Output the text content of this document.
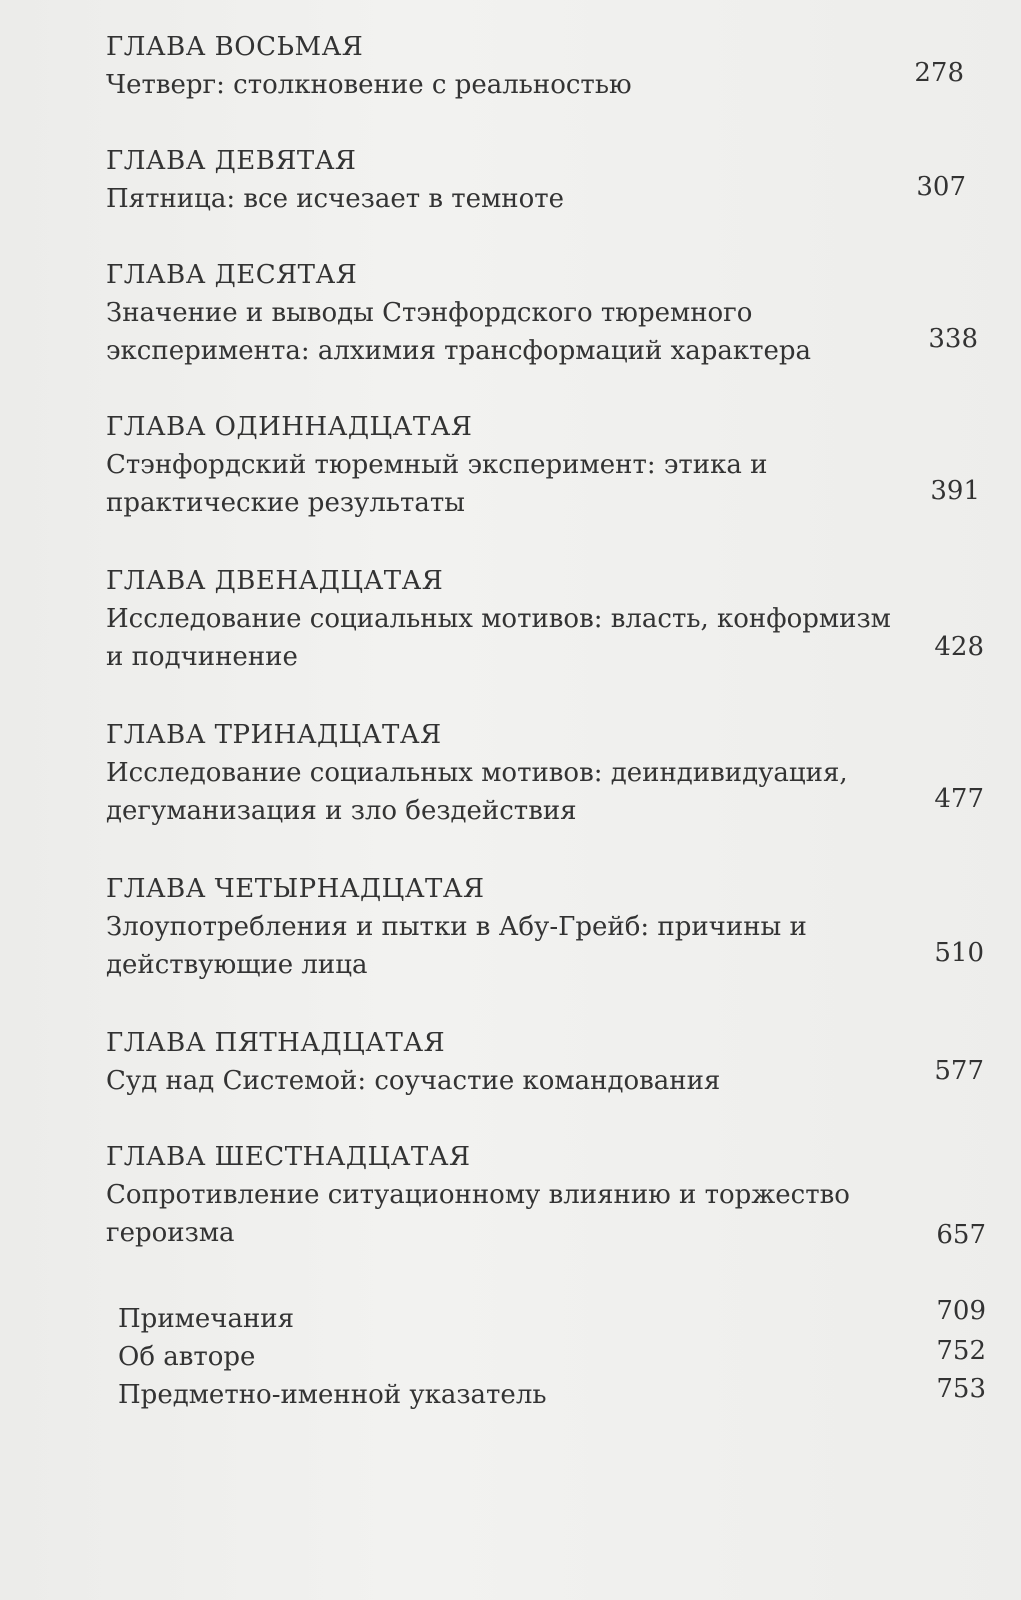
ГЛАВА ВОСЬМАЯ
Четверг: столкновение с реальностью	278
ГЛАВА ДЕВЯТАЯ
Пятница: все исчезает в темноте	307
ГЛАВА ДЕСЯТАЯ
Значение и выводы Стэнфордского тюремного эксперимента: алхимия трансформаций характера	338
ГЛАВА ОДИННАДЦАТАЯ
Стэнфордский тюремный эксперимент: этика и практические результаты	391
ГЛАВА ДВЕНАДЦАТАЯ
Исследование социальных мотивов: власть, конформизм и подчинение	428
ГЛАВА ТРИНАДЦАТАЯ
Исследование социальных мотивов: деиндивидуация, дегуманизация и зло бездействия	477
ГЛАВА ЧЕТЫРНАДЦАТАЯ
Злоупотребления и пытки в Абу-Грейб: причины и действующие лица	510
ГЛАВА ПЯТНАДЦАТАЯ
Суд над Системой: соучастие командования	577
ГЛАВА ШЕСТНАДЦАТАЯ
Сопротивление ситуационному влиянию и торжество героизма	657
Примечания	709
Об авторе	752
Предметно-именной указатель	753
